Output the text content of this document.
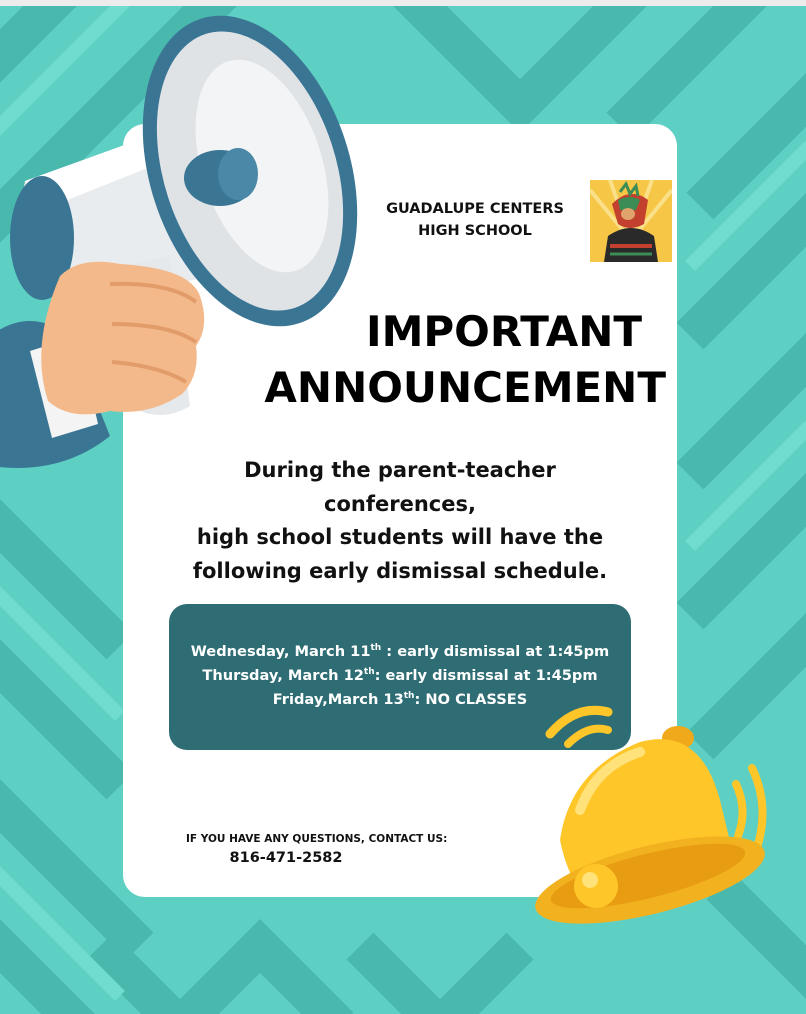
GUADALUPE CENTERS
HIGH SCHOOL
IMPORTANT
ANNOUNCEMENT
During the parent-teacher
conferences,
high school students will have the
following early dismissal schedule.
Wednesday, March 11th : early dismissal at 1:45pm
Thursday, March 12th: early dismissal at 1:45pm
Friday,March 13th: NO CLASSES
IF YOU HAVE ANY QUESTIONS, CONTACT US:
816-471-2582
